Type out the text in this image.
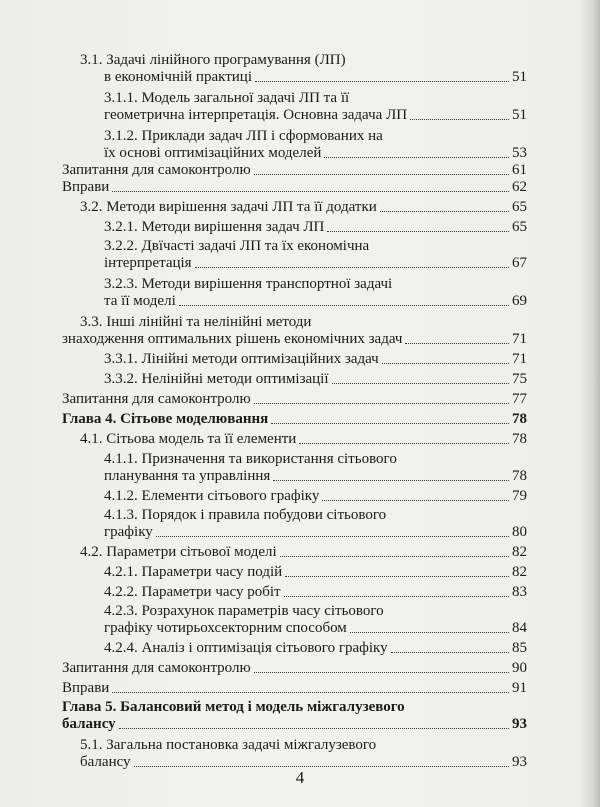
3.1. Задачі лінійного програмування (ЛП)
в економічній практиці	51
3.1.1. Модель загальної задачі ЛП та її
геометрична інтерпретація. Основна задача ЛП	51
3.1.2. Приклади задач ЛП і сформованих на
їх основі оптимізаційних моделей	53
Запитання для самоконтролю	61
Вправи	62
3.2. Методи вирішення задачі ЛП та її додатки	65
3.2.1. Методи вирішення задач ЛП	65
3.2.2. Двїчасті задачі ЛП та їх економічна
інтерпретація	67
3.2.3. Методи вирішення транспортної задачі
та її моделі	69
3.3. Інші лінійні та нелінійні методи
знаходження оптимальних рішень економічних задач	71
3.3.1. Лінійні методи оптимізаційних задач	71
3.3.2. Нелінійні методи оптимізації	75
Запитання для самоконтролю	77
Глава 4. Сітьове моделювання	78
4.1. Сітьова модель та її елементи	78
4.1.1. Призначення та використання сітьового
планування та управління	78
4.1.2. Елементи сітьового графіку	79
4.1.3. Порядок і правила побудови сітьового
графіку	80
4.2. Параметри сітьової моделі	82
4.2.1. Параметри часу подій	82
4.2.2. Параметри часу робіт	83
4.2.3. Розрахунок параметрів часу сітьового
графіку чотирьохсекторним способом	84
4.2.4. Аналіз і оптимізація сітьового графіку	85
Запитання для самоконтролю	90
Вправи	91
Глава 5. Балансовий метод і модель міжгалузевого
балансу	93
5.1. Загальна постановка задачі міжгалузевого
балансу	93
4
